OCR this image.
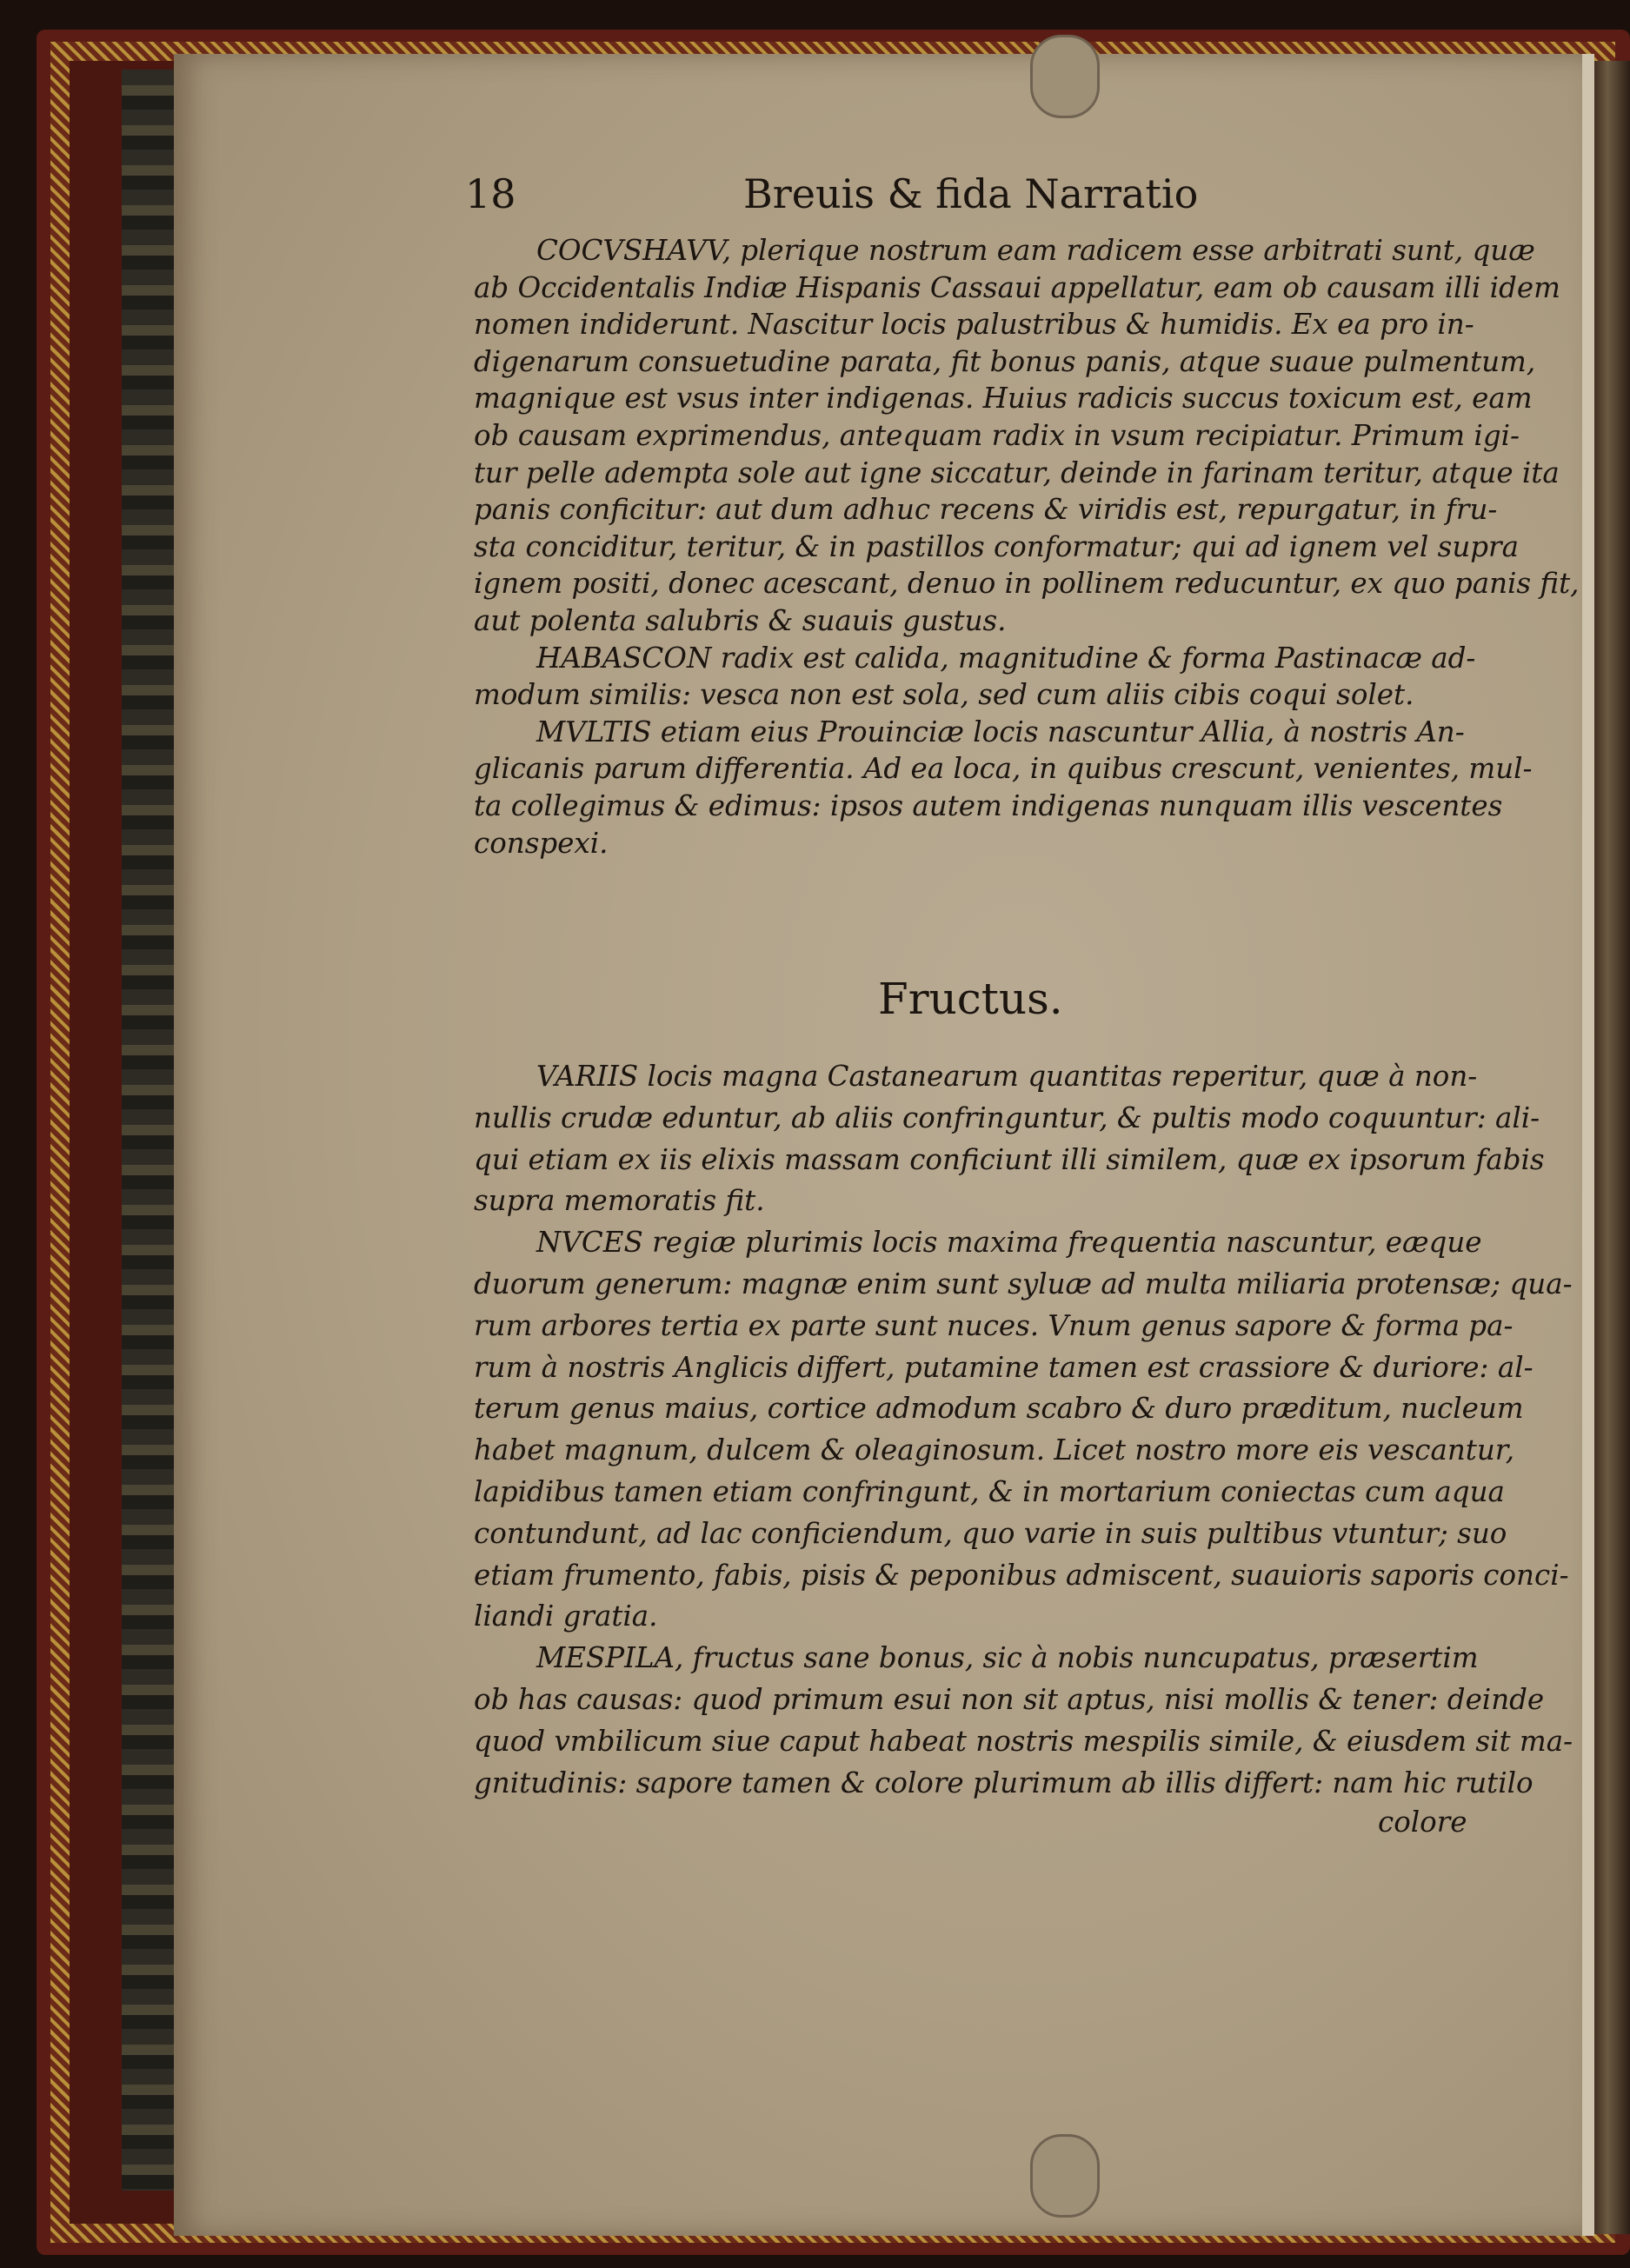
18	Breuis & fida Narratio
COCVSHAVV, plerique nostrum eam radicem esse arbitrati sunt, quæ
ab Occidentalis Indiæ Hispanis Cassaui appellatur, eam ob causam illi idem
nomen indiderunt. Nascitur locis palustribus & humidis. Ex ea pro in-
digenarum consuetudine parata, fit bonus panis, atque suaue pulmentum,
magnique est vsus inter indigenas. Huius radicis succus toxicum est, eam
ob causam exprimendus, antequam radix in vsum recipiatur. Primum igi-
tur pelle adempta sole aut igne siccatur, deinde in farinam teritur, atque ita
panis conficitur: aut dum adhuc recens & viridis est, repurgatur, in fru-
sta conciditur, teritur, & in pastillos conformatur; qui ad ignem vel supra
ignem positi, donec acescant, denuo in pollinem reducuntur, ex quo panis fit,
aut polenta salubris & suauis gustus.
HABASCON radix est calida, magnitudine & forma Pastinacæ ad-
modum similis: vesca non est sola, sed cum aliis cibis coqui solet.
MVLTIS etiam eius Prouinciæ locis nascuntur Allia, à nostris An-
glicanis parum differentia. Ad ea loca, in quibus crescunt, venientes, mul-
ta collegimus & edimus: ipsos autem indigenas nunquam illis vescentes
conspexi.
Fructus.
VARIIS locis magna Castanearum quantitas reperitur, quæ à non-
nullis crudæ eduntur, ab aliis confringuntur, & pultis modo coquuntur: ali-
qui etiam ex iis elixis massam conficiunt illi similem, quæ ex ipsorum fabis
supra memoratis fit.
NVCES regiæ plurimis locis maxima frequentia nascuntur, eæque
duorum generum: magnæ enim sunt syluæ ad multa miliaria protensæ; qua-
rum arbores tertia ex parte sunt nuces. Vnum genus sapore & forma pa-
rum à nostris Anglicis differt, putamine tamen est crassiore & duriore: al-
terum genus maius, cortice admodum scabro & duro præditum, nucleum
habet magnum, dulcem & oleaginosum. Licet nostro more eis vescantur,
lapidibus tamen etiam confringunt, & in mortarium coniectas cum aqua
contundunt, ad lac conficiendum, quo varie in suis pultibus vtuntur; suo
etiam frumento, fabis, pisis & peponibus admiscent, suauioris saporis conci-
liandi gratia.
MESPILA, fructus sane bonus, sic à nobis nuncupatus, præsertim
ob has causas: quod primum esui non sit aptus, nisi mollis & tener: deinde
quod vmbilicum siue caput habeat nostris mespilis simile, & eiusdem sit ma-
gnitudinis: sapore tamen & colore plurimum ab illis differt: nam hic rutilo
colore
